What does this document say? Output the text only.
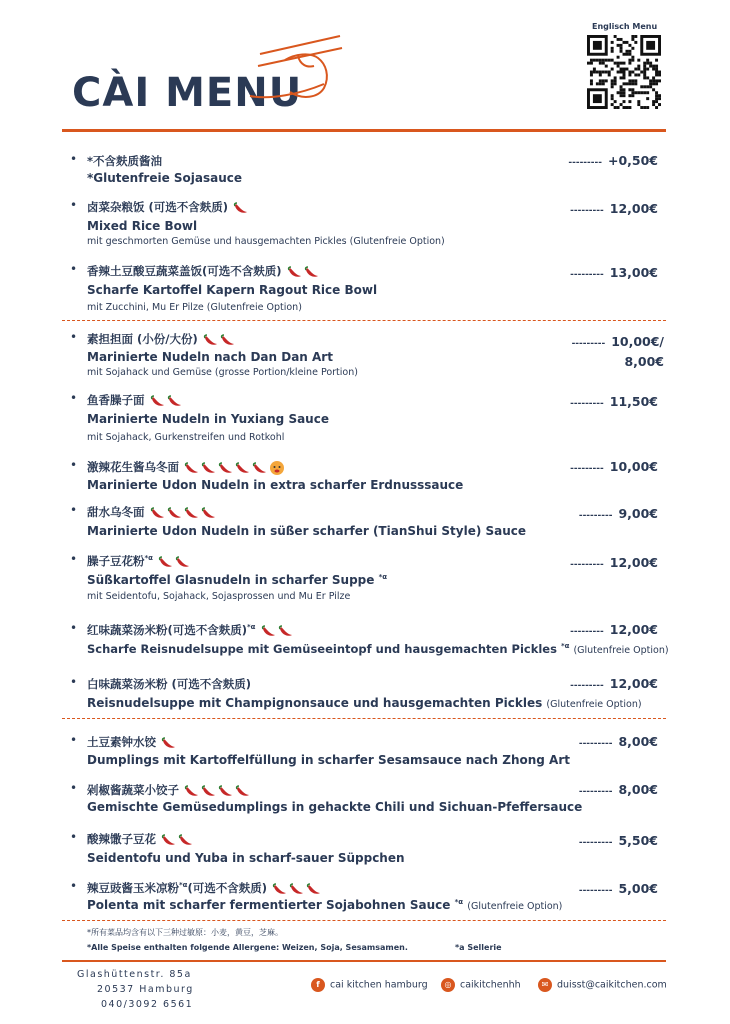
CÀI MENU
Englisch Menu
• *不含麸质酱油
*Glutenfreie Sojasauce
--------- +0,50€
• 卤菜杂粮饭 (可选不含麸质)
Mixed Rice Bowl
mit geschmorten Gemüse und hausgemachten Pickles (Glutenfreie Option)
--------- 12,00€
• 香辣土豆酸豆蔬菜盖饭(可选不含麸质)
Scharfe Kartoffel Kapern Ragout Rice Bowl
mit Zucchini, Mu Er Pilze (Glutenfreie Option)
--------- 13,00€
• 素担担面 (小份/大份)
Marinierte Nudeln nach Dan Dan Art
mit Sojahack und Gemüse (grosse Portion/kleine Portion)
--------- 10,00€/
8,00€
• 鱼香臊子面
Marinierte Nudeln in Yuxiang Sauce
mit Sojahack, Gurkenstreifen und Rotkohl
--------- 11,50€
• 激辣花生酱乌冬面
Marinierte Udon Nudeln in extra scharfer Erdnusssauce
--------- 10,00€
• 甜水乌冬面
Marinierte Udon Nudeln in süßer scharfer (TianShui Style) Sauce
--------- 9,00€
• 臊子豆花粉$^{*\alpha}$
Süßkartoffel Glasnudeln in scharfer Suppe $^{*\alpha}$
mit Seidentofu, Sojahack, Sojasprossen und Mu Er Pilze
--------- 12,00€
• 红味蔬菜汤米粉(可选不含麸质)$^{*\alpha}$
Scharfe Reisnudelsuppe mit Gemüseeintopf und hausgemachten Pickles $^{*\alpha}$ (Glutenfreie Option)
--------- 12,00€
• 白味蔬菜汤米粉 (可选不含麸质)
Reisnudelsuppe mit Champignonsauce und hausgemachten Pickles (Glutenfreie Option)
--------- 12,00€
• 土豆素钟水饺
Dumplings mit Kartoffelfüllung in scharfer Sesamsauce nach Zhong Art
--------- 8,00€
• 剁椒酱蔬菜小饺子
Gemischte Gemüsedumplings in gehackte Chili und Sichuan-Pfeffersauce
--------- 8,00€
• 酸辣馓子豆花
Seidentofu und Yuba in scharf-sauer Süppchen
--------- 5,50€
• 辣豆豉酱玉米凉粉$^{*\alpha}$(可选不含麸质)
Polenta mit scharfer fermentierter Sojabohnen Sauce $^{*\alpha}$ (Glutenfreie Option)
--------- 5,00€
*所有菜品均含有以下三种过敏原：小麦，黄豆，芝麻。
*Alle Speise enthalten folgende Allergene: Weizen, Soja, Sesamsamen.	*a Sellerie
Glashüttenstr. 85a
20537 Hamburg
040/3092 6561
f cai kitchen hamburg	◎ caikitchenhh	✉ duisst@caikitchen.com
